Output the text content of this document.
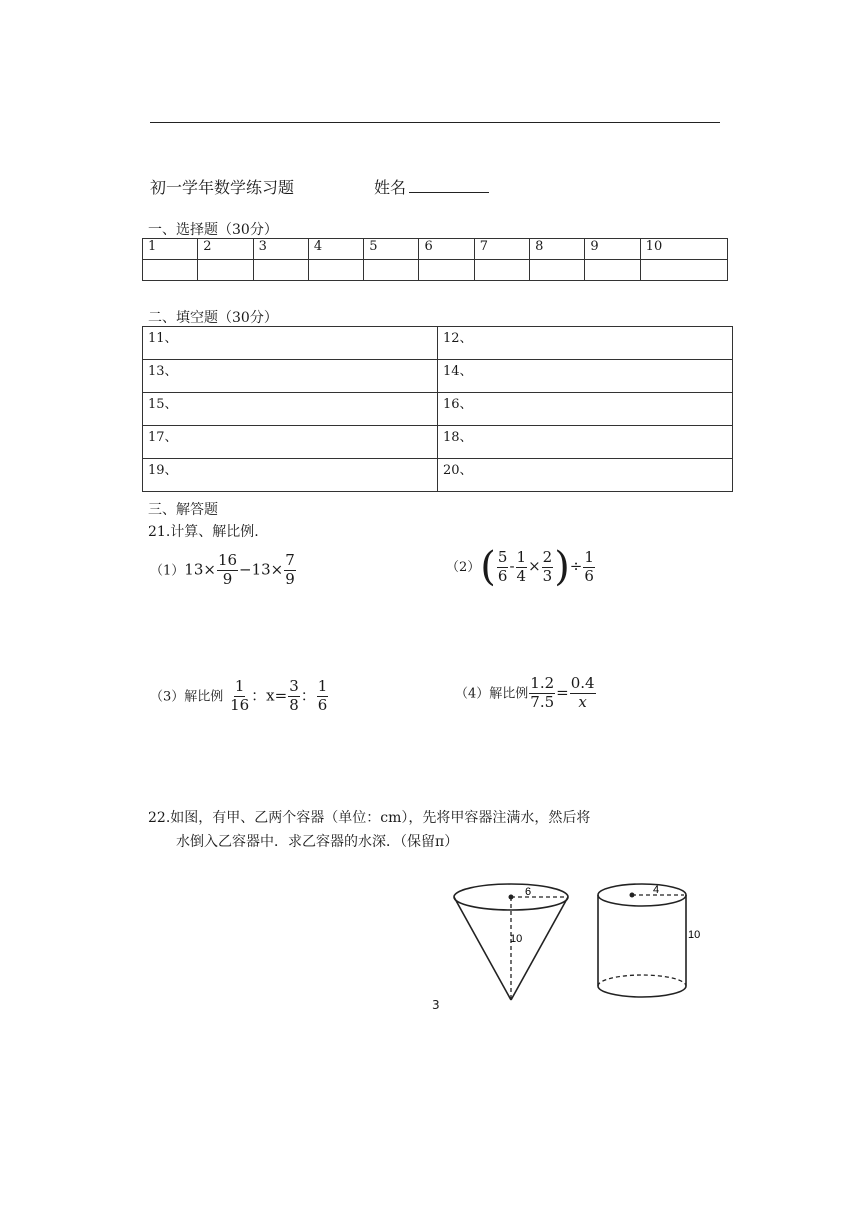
初一学年数学练习题	姓名
一、选择题（30分）
1	2	3	4	5	6	7	8	9	10

二、填空题（30分）
11、	12、
13、	14、
15、	16、
17、	18、
19、	20、
三、解答题
21.计算、解比例.
$(1)13\times \frac{16}{9} -13\times \frac{7}{9}$	$(2)( \frac{5}{6} - \frac{1}{4} \times \frac{2}{3}$ )÷ $\frac{1}{6}$
（3）解比例 $\frac{1}{16}$ ：$x= \frac{3}{8}$ ： $\frac{1}{6}$	（4）解比例 $\frac{1.2}{7.5} = \frac{0.4}{x}$
22.如图，有甲、乙两个容器（单位：cm），先将甲容器注满水，然后将
水倒入乙容器中．求乙容器的水深．（保留π）
6
10
4
10
3
